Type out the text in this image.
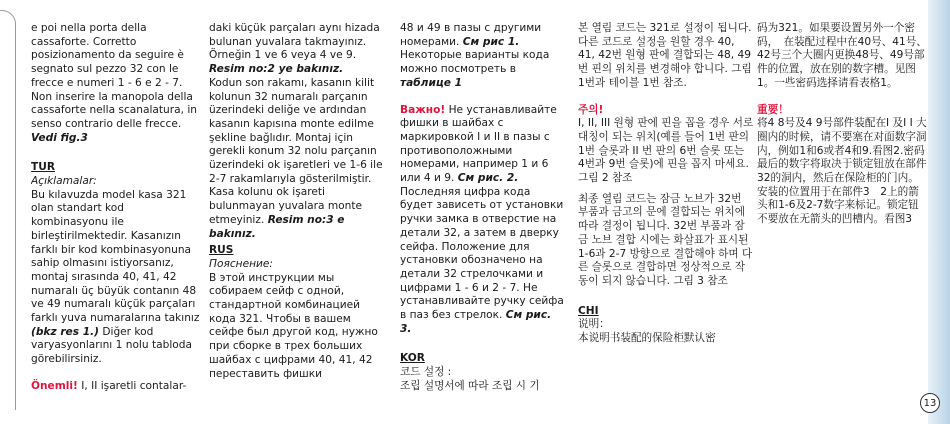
e poi nella porta della cassaforte. Corretto posizionamento da seguire è segnato sul pezzo 32 con le frecce e numeri 1 - 6 e 2 - 7. Non inserire la manopola della cassaforte nella scanalatura, in senso contrario delle frecce. Vedi fig.3

TUR

Açıklamalar:

Bu kılavuzda model kasa 321 olan standart kod kombinasyonu ile birleştirilmektedir. Kasanızın farklı bir kod kombinasyonuna sahip olmasını istiyorsanız, montaj sırasında 40, 41, 42 numaralı üç büyük contanın 48 ve 49 numaralı küçük parçaları farklı yuva numaralarına takınız (bkz res 1.) Diğer kod varyasyonlarını 1 nolu tabloda görebilirsiniz.

Önemli! I, II işaretli contalar-

daki küçük parçaları aynı hizada bulunan yuvalara takmayınız. Örneğin 1 ve 6 veya 4 ve 9. Resim no:2 ye bakınız.

Kodun son rakamı, kasanın kilit kolunun 32 numaralı parçanın üzerindeki deliğe ve ardından kasanın kapısına monte edilme şekline bağlıdır. Montaj için gerekli konum 32 nolu parçanın üzerindeki ok işaretleri ve 1-6 ile 2-7 rakamlarıyla gösterilmiştir. Kasa kolunu ok işareti bulunmayan yuvalara monte etmeyiniz. Resim no:3 e bakınız.

RUS

Пояснение:

В этой инструкции мы собираем сейф с одной, стандартной комбинацией кода 321. Чтобы в вашем сейфе был другой код, нужно при сборке в трех больших шайбах с цифрами 40, 41, 42 переставить фишки

48 и 49 в пазы с другими номерами. См рис 1. Некоторые варианты кода можно посмотреть в таблице 1

Важно! Не устанавливайте фишки в шайбах с маркировкой I и II в пазы с противоположными номерами, например 1 и 6 или 4 и 9. См рис. 2. Последняя цифра кода будет зависеть от установки ручки замка в отверстие на детали 32, а затем в дверку сейфа. Положение для установки обозначено на детали 32 стрелочками и цифрами 1 - 6 и 2 - 7. Не устанавливайте ручку сейфа в паз без стрелок. См рис. 3.

KOR

코드 설정 :

조립 설명서에 따라 조립 시 기

본 열림 코드는 321로 설정이 됩니다. 다른 코드로 설정을 원할 경우 40, 41, 42번 원형 판에 결합되는 48, 49번 핀의 위치를 변경해야 합니다. 그림1번과 테이블 1번 참조.

주의!

I, II, III 원형 판에 핀을 꼽을 경우 서로 대칭이 되는 위치(예를 들어 1번 판의 1번 슬롯과 II 번 판의 6번 슬롯 또는 4번과 9번 슬롯)에 핀을 꼽지 마세요. 그림 2 참조

최종 열림 코드는 잠금 노브가 32번 부품과 금고의 문에 결합되는 위치에 따라 결정이 됩니다. 32번 부품과 잠금 노브 결합 시에는 화살표가 표시된 1-6과 2-7 방향으로 결합해야 하며 다른 슬롯으로 결합하면 정상적으로 작동이 되지 않습니다. 그림 3 참조

CHI

说明：

本说明书装配的保险柜默认密

码为321。如果要设置另外一个密码，　在装配过程中在40号、41号、42号三个大圈内更换48号、49号部件的位置，放在别的数字槽。见图1。一些密码选择请看表格1。

重要！

将4 8号及4 9号部件装配在I 及I I 大圈内的时候，请不要塞在对面数字洞内，例如1和6或者4和9.看图2.密码最后的数字将取决于锁定钮放在部件32的洞内，然后在保险柜的门内。安装的位置用于在部件3　2上的箭头和1-6及2-7数字来标记。锁定钮不要放在无箭头的凹槽内。看图3

13
